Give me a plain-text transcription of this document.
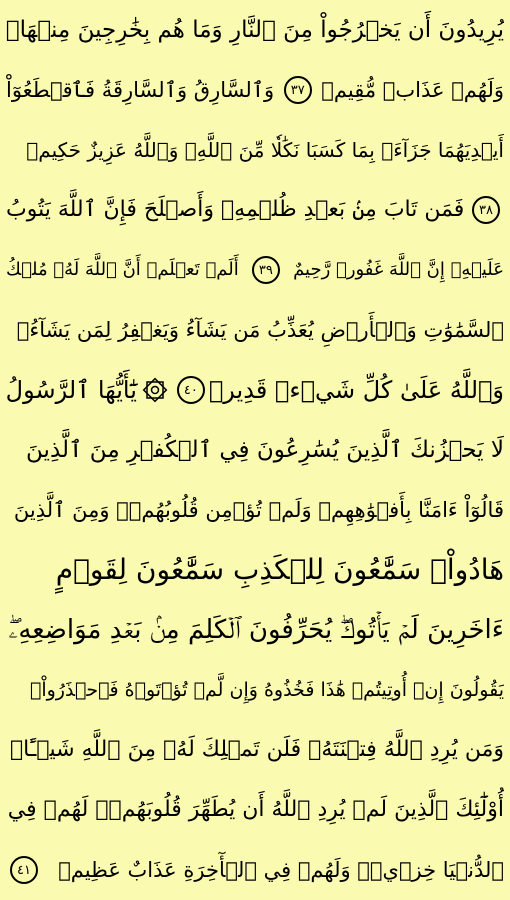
يُرِيدُونَ أَن يَخۡرُجُواْ مِنَ ٱلنَّارِ وَمَا هُم بِخَٰرِجِينَ مِنۡهَاۖ
وَلَهُمۡ عَذَابٞ مُّقِيمٞ
٣٧
وَٱلسَّارِقُ وَٱلسَّارِقَةُ فَٱقۡطَعُوٓاْ
أَيۡدِيَهُمَا جَزَآءَۢ بِمَا كَسَبَا نَكَٰلٗا مِّنَ ٱللَّهِۗ وَٱللَّهُ عَزِيزٌ حَكِيمٞ
٣٨
فَمَن تَابَ مِنۢ بَعۡدِ ظُلۡمِهِۦ وَأَصۡلَحَ فَإِنَّ ٱللَّهَ يَتُوبُ
عَلَيۡهِۚ إِنَّ ٱللَّهَ غَفُورٞ رَّحِيمٌ
٣٩
أَلَمۡ تَعۡلَمۡ أَنَّ ٱللَّهَ لَهُۥ مُلۡكُ
ٱلسَّمَٰوَٰتِ وَٱلۡأَرۡضِ يُعَذِّبُ مَن يَشَآءُ وَيَغۡفِرُ لِمَن يَشَآءُۗ
وَٱللَّهُ عَلَىٰ كُلِّ شَيۡءٖ قَدِيرٞ
٤٠
يَٰٓأَيُّهَا ٱلرَّسُولُ
لَا يَحۡزُنكَ ٱلَّذِينَ يُسَٰرِعُونَ فِي ٱلۡكُفۡرِ مِنَ ٱلَّذِينَ
قَالُوٓاْ ءَامَنَّا بِأَفۡوَٰهِهِمۡ وَلَمۡ تُؤۡمِن قُلُوبُهُمۡۛ وَمِنَ ٱلَّذِينَ
هَادُواْۛ سَمَّٰعُونَ لِلۡكَذِبِ سَمَّٰعُونَ لِقَوۡمٍ
ءَاخَرِينَ لَمۡ يَأۡتُوكَۖ يُحَرِّفُونَ ٱلۡكَلِمَ مِنۢ بَعۡدِ مَوَاضِعِهِۦۖ
يَقُولُونَ إِنۡ أُوتِيتُمۡ هَٰذَا فَخُذُوهُ وَإِن لَّمۡ تُؤۡتَوۡهُ فَٱحۡذَرُواْۚ
وَمَن يُرِدِ ٱللَّهُ فِتۡنَتَهُۥ فَلَن تَمۡلِكَ لَهُۥ مِنَ ٱللَّهِ شَيۡـًٔاۚ
أُوْلَٰٓئِكَ ٱلَّذِينَ لَمۡ يُرِدِ ٱللَّهُ أَن يُطَهِّرَ قُلُوبَهُمۡۚ لَهُمۡ فِي
ٱلدُّنۡيَا خِزۡيٞۖ وَلَهُمۡ فِي ٱلۡأٓخِرَةِ عَذَابٌ عَظِيمٞ
٤١
